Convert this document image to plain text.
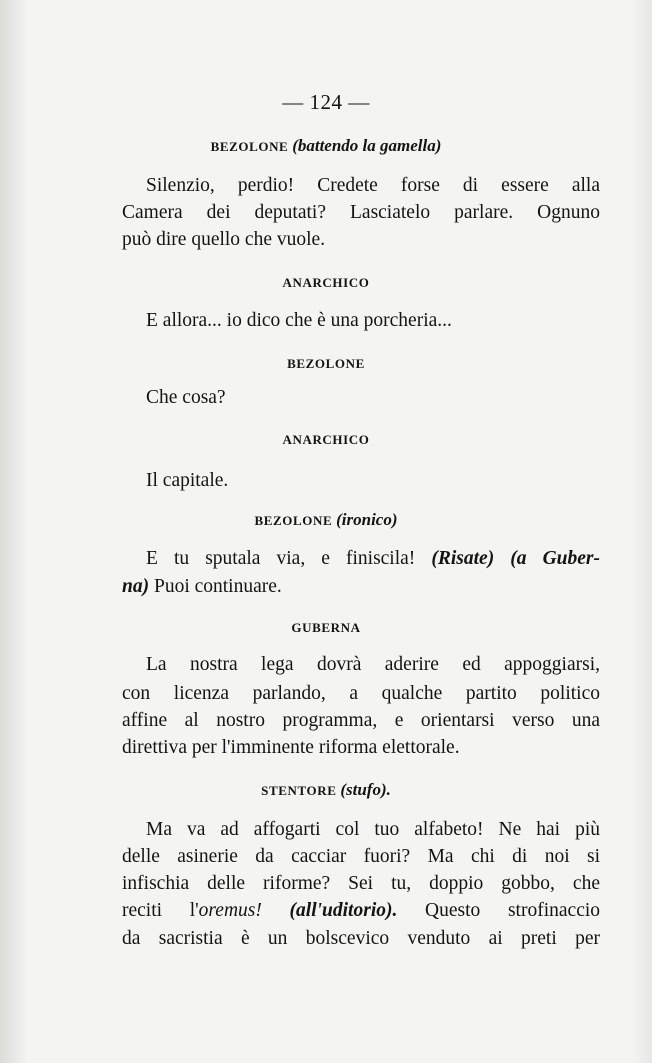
— 124 —
BEZOLONE (battendo la gamella)
Silenzio, perdio! Credete forse di essere alla
Camera dei deputati? Lasciatelo parlare. Ognuno
può dire quello che vuole.
ANARCHICO
E allora... io dico che è una porcheria...
BEZOLONE
Che cosa?
ANARCHICO
Il capitale.
BEZOLONE (ironico)
E tu sputala via, e finiscila! (Risate) (a Guber-
na) Puoi continuare.
GUBERNA
La nostra lega dovrà aderire ed appoggiarsi,
con licenza parlando, a qualche partito politico
affine al nostro programma, e orientarsi verso una
direttiva per l'imminente riforma elettorale.
STENTORE (stufo).
Ma va ad affogarti col tuo alfabeto! Ne hai più
delle asinerie da cacciar fuori? Ma chi di noi si
infischia delle riforme? Sei tu, doppio gobbo, che
reciti l'oremus! (all'uditorio). Questo strofinaccio
da sacristia è un bolscevico venduto ai preti per
